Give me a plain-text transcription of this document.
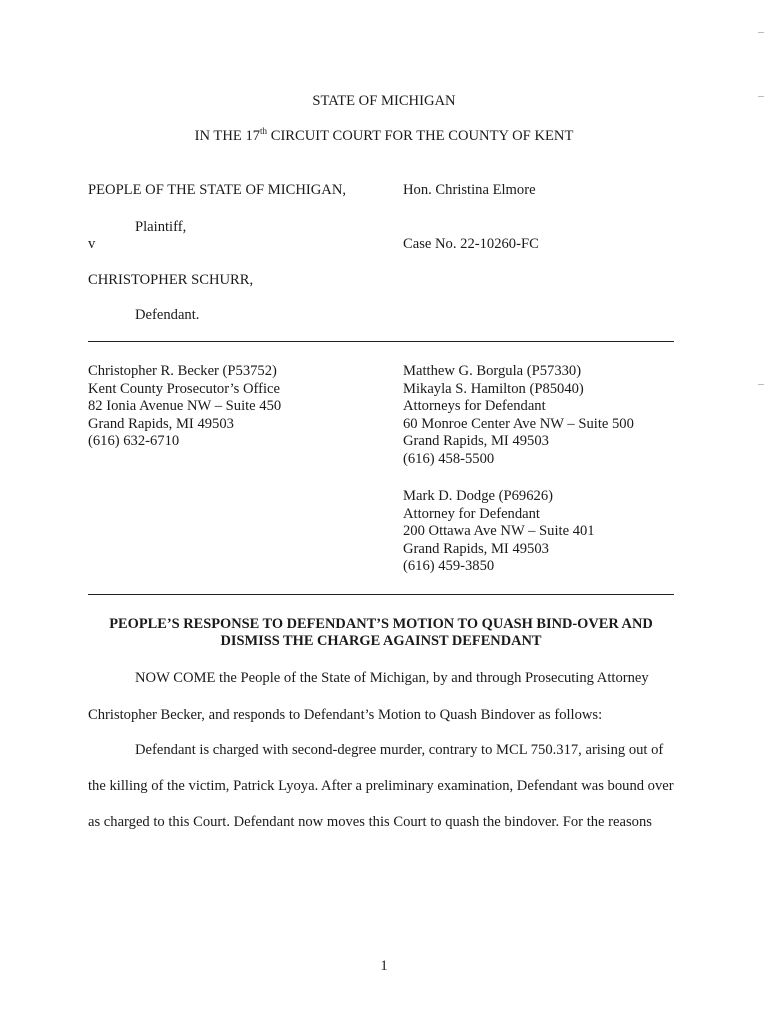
STATE OF MICHIGAN
IN THE 17th CIRCUIT COURT FOR THE COUNTY OF KENT
PEOPLE OF THE STATE OF MICHIGAN,
Plaintiff,
v
CHRISTOPHER SCHURR,
Defendant.
Hon. Christina Elmore
Case No. 22-10260-FC
Christopher R. Becker (P53752)
Kent County Prosecutor’s Office
82 Ionia Avenue NW – Suite 450
Grand Rapids, MI 49503
(616) 632-6710
Matthew G. Borgula (P57330)
Mikayla S. Hamilton (P85040)
Attorneys for Defendant
60 Monroe Center Ave NW – Suite 500
Grand Rapids, MI 49503
(616) 458-5500
Mark D. Dodge (P69626)
Attorney for Defendant
200 Ottawa Ave NW – Suite 401
Grand Rapids, MI 49503
(616) 459-3850
PEOPLE’S RESPONSE TO DEFENDANT’S MOTION TO QUASH BIND-OVER AND
DISMISS THE CHARGE AGAINST DEFENDANT
NOW COME the People of the State of Michigan, by and through Prosecuting Attorney
Christopher Becker, and responds to Defendant’s Motion to Quash Bindover as follows:
Defendant is charged with second-degree murder, contrary to MCL 750.317, arising out of
the killing of the victim, Patrick Lyoya. After a preliminary examination, Defendant was bound over
as charged to this Court. Defendant now moves this Court to quash the bindover. For the reasons
1
